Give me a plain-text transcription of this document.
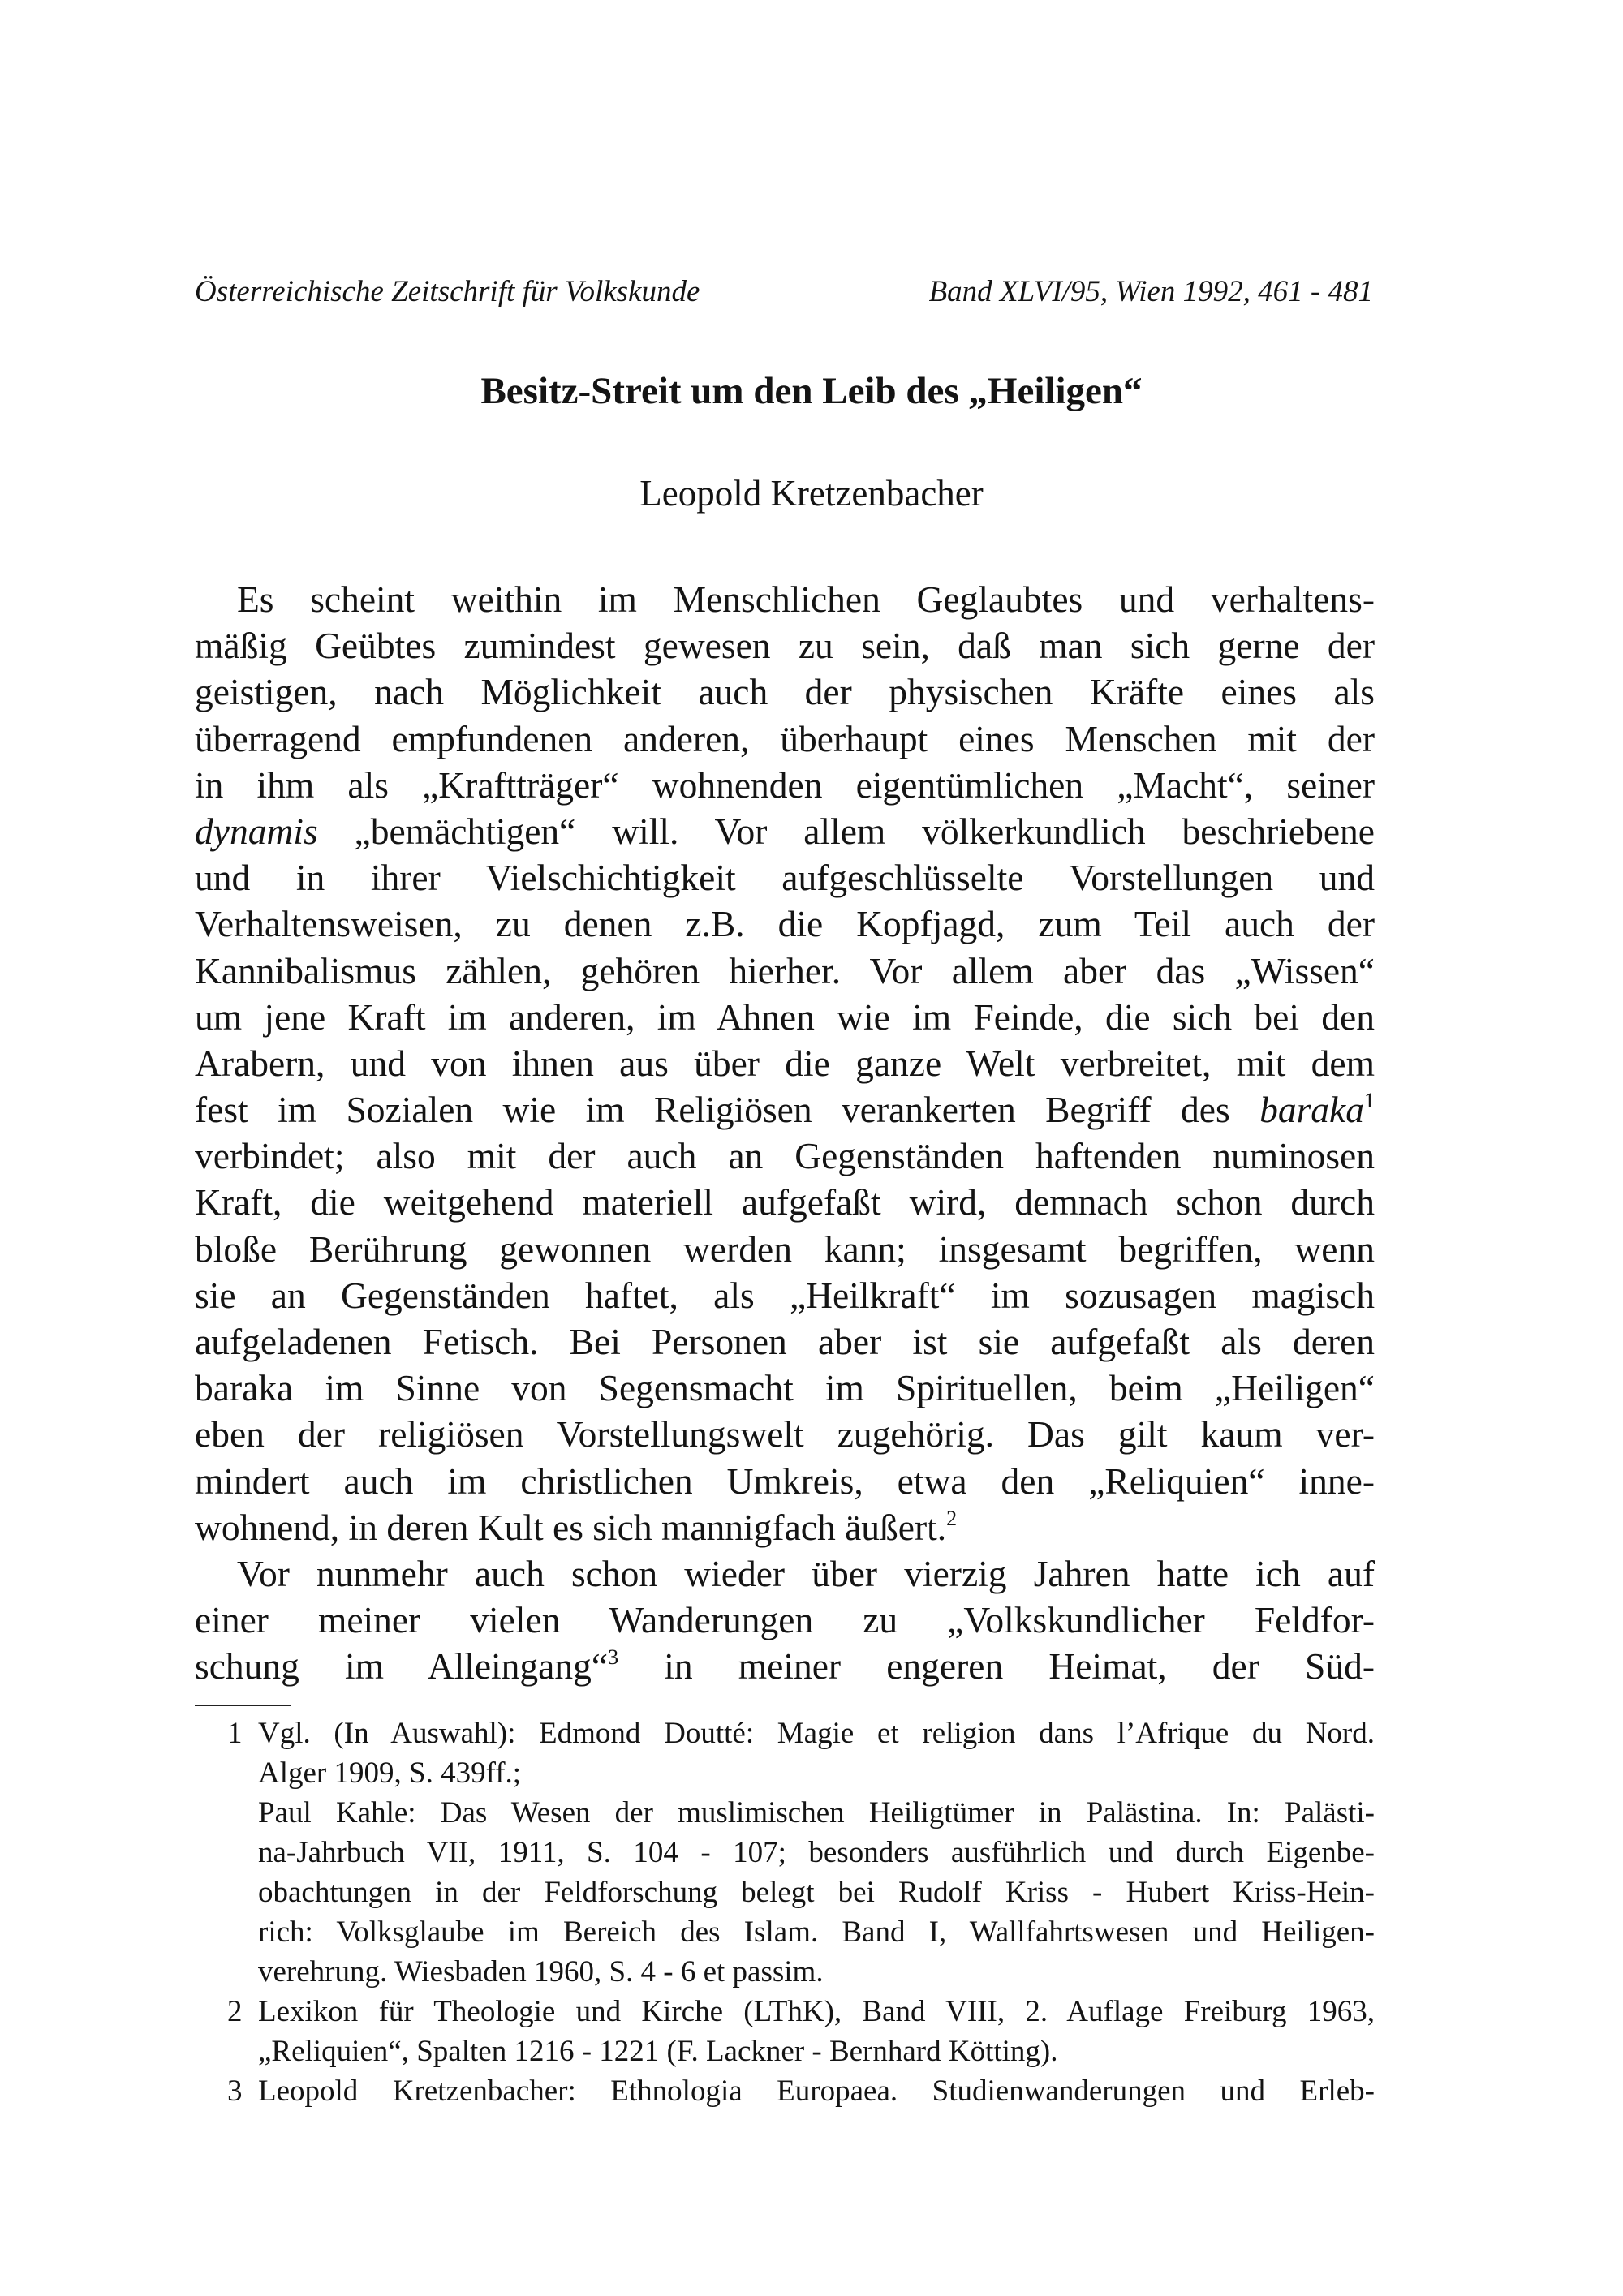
Österreichische Zeitschrift für Volkskunde	Band XLVI/95, Wien 1992, 461 - 481
Besitz-Streit um den Leib des „Heiligen“
Leopold Kretzenbacher
Es scheint weithin im Menschlichen Geglaubtes und verhaltens-
mäßig Geübtes zumindest gewesen zu sein, daß man sich gerne der
geistigen, nach Möglichkeit auch der physischen Kräfte eines als
überragend empfundenen anderen, überhaupt eines Menschen mit der
in ihm als „Kraftträger“ wohnenden eigentümlichen „Macht“, seiner
dynamis „bemächtigen“ will. Vor allem völkerkundlich beschriebene
und in ihrer Vielschichtigkeit aufgeschlüsselte Vorstellungen und
Verhaltensweisen, zu denen z.B. die Kopfjagd, zum Teil auch der
Kannibalismus zählen, gehören hierher. Vor allem aber das „Wissen“
um jene Kraft im anderen, im Ahnen wie im Feinde, die sich bei den
Arabern, und von ihnen aus über die ganze Welt verbreitet, mit dem
fest im Sozialen wie im Religiösen verankerten Begriff des baraka$^1$
verbindet; also mit der auch an Gegenständen haftenden numinosen
Kraft, die weitgehend materiell aufgefaßt wird, demnach schon durch
bloße Berührung gewonnen werden kann; insgesamt begriffen, wenn
sie an Gegenständen haftet, als „Heilkraft“ im sozusagen magisch
aufgeladenen Fetisch. Bei Personen aber ist sie aufgefaßt als deren
baraka im Sinne von Segensmacht im Spirituellen, beim „Heiligen“
eben der religiösen Vorstellungswelt zugehörig. Das gilt kaum ver-
mindert auch im christlichen Umkreis, etwa den „Reliquien“ inne-
wohnend, in deren Kult es sich mannigfach äußert.$^2$
Vor nunmehr auch schon wieder über vierzig Jahren hatte ich auf
einer meiner vielen Wanderungen zu „Volkskundlicher Feldfor-
schung im Alleingang“$^3$ in meiner engeren Heimat, der Süd-
1 Vgl. (In Auswahl): Edmond Doutté: Magie et religion dans l’Afrique du Nord.
Alger 1909, S. 439ff.;
Paul Kahle: Das Wesen der muslimischen Heiligtümer in Palästina. In: Palästi-
na-Jahrbuch VII, 1911, S. 104 - 107; besonders ausführlich und durch Eigenbe-
obachtungen in der Feldforschung belegt bei Rudolf Kriss - Hubert Kriss-Hein-
rich: Volksglaube im Bereich des Islam. Band I, Wallfahrtswesen und Heiligen-
verehrung. Wiesbaden 1960, S. 4 - 6 et passim.
2 Lexikon für Theologie und Kirche (LThK), Band VIII, 2. Auflage Freiburg 1963,
„Reliquien“, Spalten 1216 - 1221 (F. Lackner - Bernhard Kötting).
3 Leopold Kretzenbacher: Ethnologia Europaea. Studienwanderungen und Erleb-
